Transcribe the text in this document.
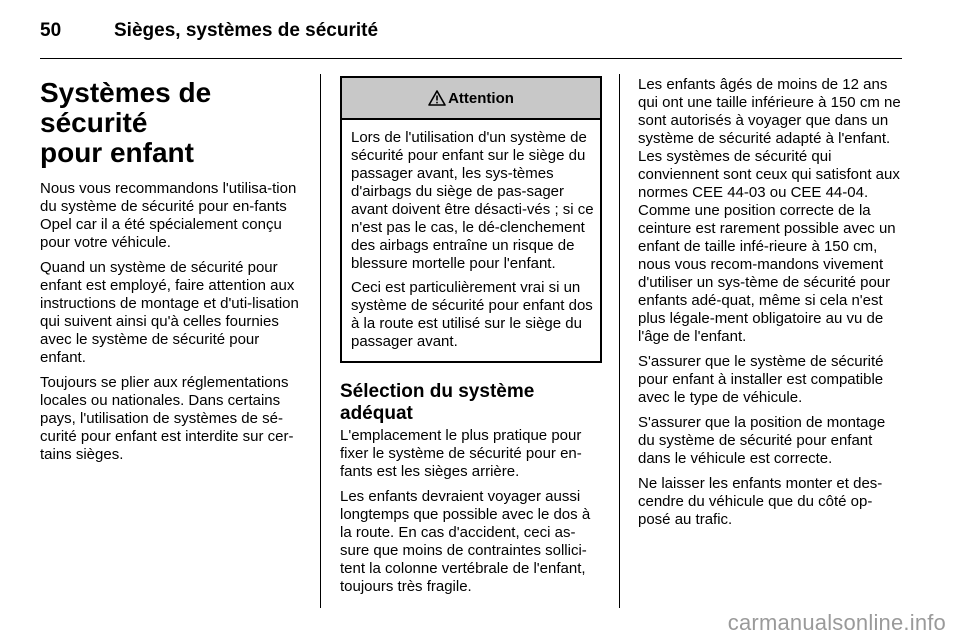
50	Sièges, systèmes de sécurité
Systèmes de sécurité
pour enfant

Nous vous recommandons l'utilisa-tion du système de sécurité pour en-fants Opel car il a été spécialement conçu pour votre véhicule.

Quand un système de sécurité pour enfant est employé, faire attention aux instructions de montage et d'uti-lisation qui suivent ainsi qu'à celles fournies avec le système de sécurité pour enfant.

Toujours se plier aux réglementations locales ou nationales. Dans certains pays, l'utilisation de systèmes de sé-curité pour enfant est interdite sur cer-tains sièges.

Attention

Lors de l'utilisation d'un système de sécurité pour enfant sur le siège du passager avant, les sys-tèmes d'airbags du siège de pas-sager avant doivent être désacti-vés ; si ce n'est pas le cas, le dé-clenchement des airbags entraîne un risque de blessure mortelle pour l'enfant.

Ceci est particulièrement vrai si un système de sécurité pour enfant dos à la route est utilisé sur le siège du passager avant.

Sélection du système adéquat

L'emplacement le plus pratique pour fixer le système de sécurité pour en-fants est les sièges arrière.

Les enfants devraient voyager aussi longtemps que possible avec le dos à la route. En cas d'accident, ceci as-sure que moins de contraintes sollici-tent la colonne vertébrale de l'enfant, toujours très fragile.

Les enfants âgés de moins de 12 ans qui ont une taille inférieure à 150 cm ne sont autorisés à voyager que dans un système de sécurité adapté à l'enfant. Les systèmes de sécurité qui conviennent sont ceux qui satisfont aux normes CEE 44-03 ou CEE 44-04. Comme une position correcte de la ceinture est rarement possible avec un enfant de taille infé-rieure à 150 cm, nous vous recom-mandons vivement d'utiliser un sys-tème de sécurité pour enfants adé-quat, même si cela n'est plus légale-ment obligatoire au vu de l'âge de l'enfant.

S'assurer que le système de sécurité pour enfant à installer est compatible avec le type de véhicule.

S'assurer que la position de montage du système de sécurité pour enfant dans le véhicule est correcte.

Ne laisser les enfants monter et des-cendre du véhicule que du côté op-posé au trafic.

carmanualsonline.info
